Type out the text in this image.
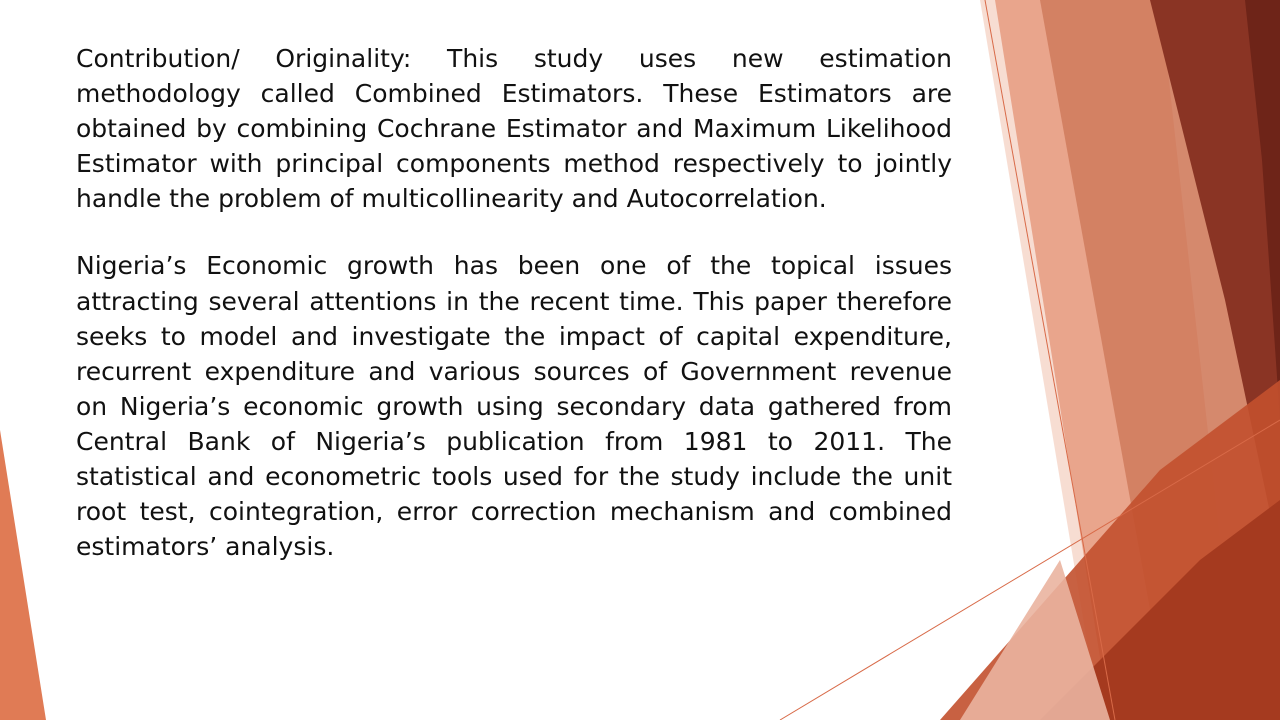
Contribution/ Originality: This study uses new estimation methodology called Combined Estimators. These Estimators are obtained by combining Cochrane Estimator and Maximum Likelihood Estimator with principal components method respectively to jointly handle the problem of multicollinearity and Autocorrelation.

Nigeria’s Economic growth has been one of the topical issues attracting several attentions in the recent time. This paper therefore seeks to model and investigate the impact of capital expenditure, recurrent expenditure and various sources of Government revenue on Nigeria’s economic growth using secondary data gathered from Central Bank of Nigeria’s publication from 1981 to 2011. The statistical and econometric tools used for the study include the unit root test, cointegration, error correction mechanism and combined estimators’ analysis.
